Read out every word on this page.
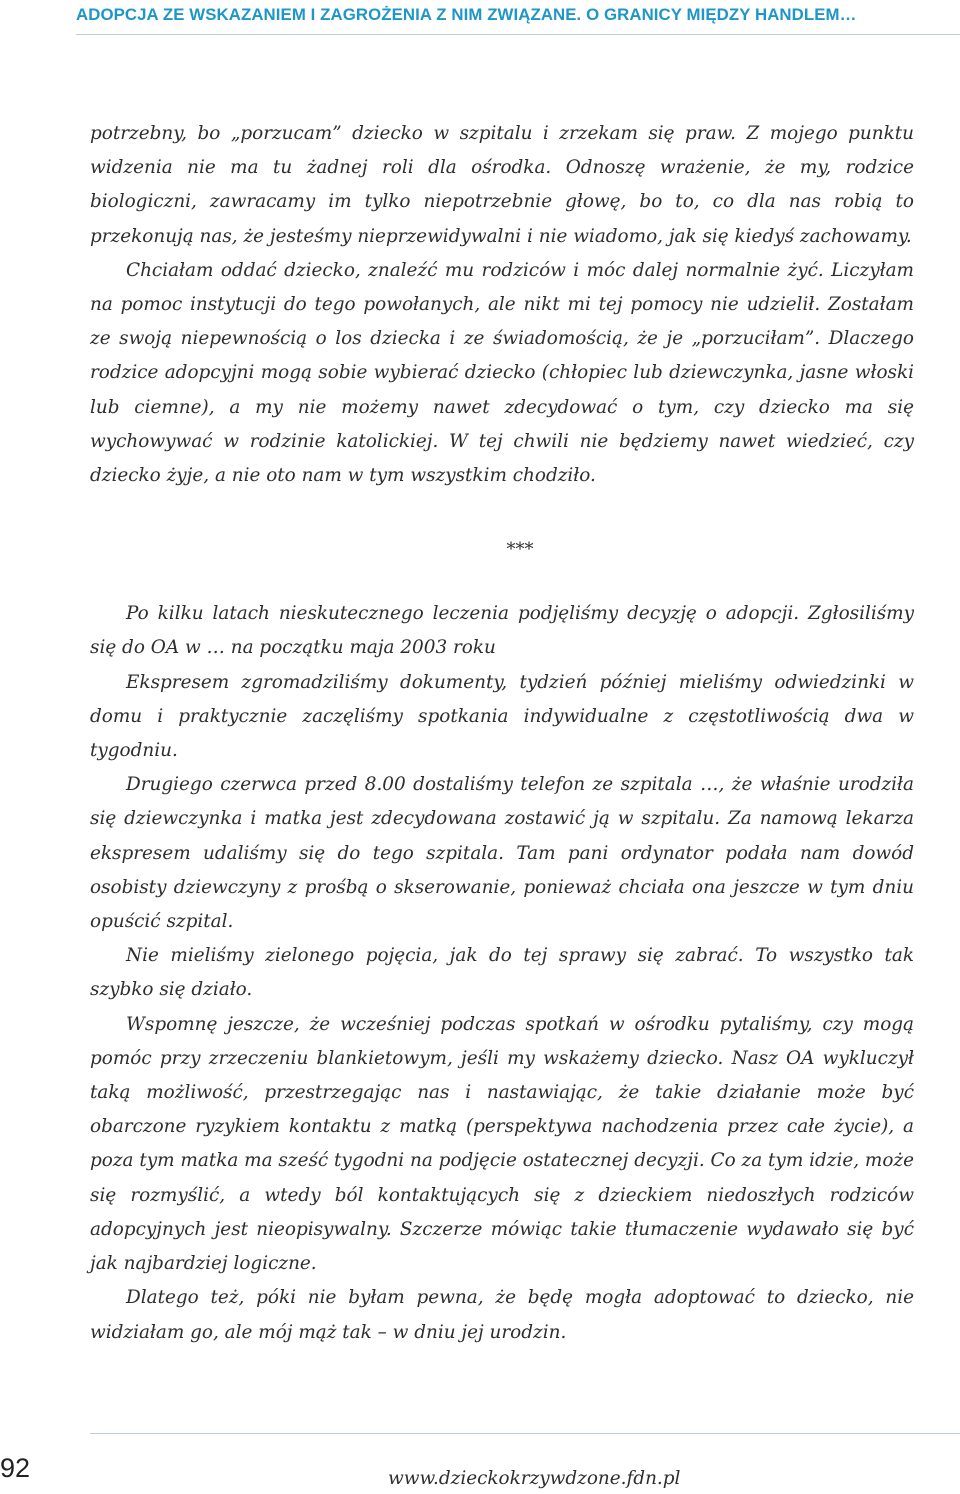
ADOPCJA ZE WSKAZANIEM I ZAGROŻENIA Z NIM ZWIĄZANE. O GRANICY MIĘDZY HANDLEM…

potrzebny, bo „porzucam” dziecko w szpitalu i zrzekam się praw. Z mojego punktu widzenia nie ma tu żadnej roli dla ośrodka. Odnoszę wrażenie, że my, rodzice biologiczni, zawracamy im tylko niepotrzebnie głowę, bo to, co dla nas robią to przekonują nas, że jesteśmy nieprzewidywalni i nie wiadomo, jak się kiedyś zachowamy.

Chciałam oddać dziecko, znaleźć mu rodziców i móc dalej normalnie żyć. Liczyłam na pomoc instytucji do tego powołanych, ale nikt mi tej pomocy nie udzielił. Zostałam ze swoją niepewnością o los dziecka i ze świadomością, że je „porzuciłam”. Dlaczego rodzice adopcyjni mogą sobie wybierać dziecko (chłopiec lub dziewczynka, jasne włoski lub ciemne), a my nie możemy nawet zdecydować o tym, czy dziecko ma się wychowywać w rodzinie katolickiej. W tej chwili nie będziemy nawet wiedzieć, czy dziecko żyje, a nie oto nam w tym wszystkim chodziło.

***

Po kilku latach nieskutecznego leczenia podjęliśmy decyzję o adopcji. Zgłosiliśmy się do OA w … na początku maja 2003 roku

Ekspresem zgromadziliśmy dokumenty, tydzień później mieliśmy odwiedzinki w domu i praktycznie zaczęliśmy spotkania indywidualne z częstotliwością dwa w tygodniu.

Drugiego czerwca przed 8.00 dostaliśmy telefon ze szpitala …, że właśnie urodziła się dziewczynka i matka jest zdecydowana zostawić ją w szpitalu. Za namową lekarza ekspresem udaliśmy się do tego szpitala. Tam pani ordynator podała nam dowód osobisty dziewczyny z prośbą o skserowanie, ponieważ chciała ona jeszcze w tym dniu opuścić szpital.

Nie mieliśmy zielonego pojęcia, jak do tej sprawy się zabrać. To wszystko tak szybko się działo.

Wspomnę jeszcze, że wcześniej podczas spotkań w ośrodku pytaliśmy, czy mogą pomóc przy zrzeczeniu blankietowym, jeśli my wskażemy dziecko. Nasz OA wykluczył taką możliwość, przestrzegając nas i nastawiając, że takie działanie może być obarczone ryzykiem kontaktu z matką (perspektywa nachodzenia przez całe życie), a poza tym matka ma sześć tygodni na podjęcie ostatecznej decyzji. Co za tym idzie, może się rozmyślić, a wtedy ból kontaktujących się z dzieckiem niedoszłych rodziców adopcyjnych jest nieopisywalny. Szczerze mówiąc takie tłumaczenie wydawało się być jak najbardziej logiczne.

Dlatego też, póki nie byłam pewna, że będę mogła adoptować to dziecko, nie widziałam go, ale mój mąż tak – w dniu jej urodzin.

92	www.dzieckokrzywdzone.fdn.pl
